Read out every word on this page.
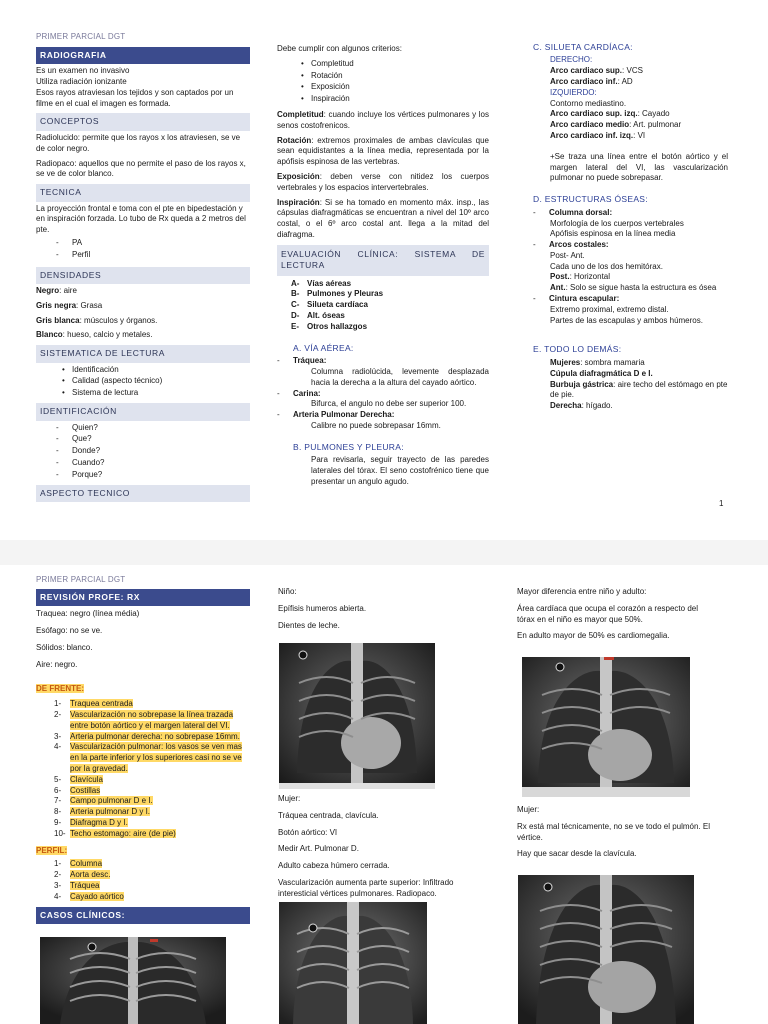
PRIMER PARCIAL DGT
RADIOGRAFIA
Es un examen no invasivo
Utiliza radiación ionizante

Esos rayos atraviesan los tejidos y son captados por un filme en el cual el imagen es formada.

CONCEPTOS

Radiolucido: permite que los rayos x los atraviesen, se ve de color negro.

Radiopaco: aquellos que no permite el paso de los rayos x, se ve de color blanco.

TECNICA

La proyección frontal e toma con el pte en bipedestación y en inspiración forzada. Lo tubo de Rx queda a 2 metros del pte.

- PA
- Perfil
DENSIDADES

Negro: aire

Gris negra: Grasa

Gris blanca: músculos y órganos.

Blanco: hueso, calcio y metales.

SISTEMATICA DE LECTURA
• Identificación
• Calidad (aspecto técnico)
• Sistema de lectura
IDENTIFICACIÓN
- Quien?
- Que?
- Donde?
- Cuando?
- Porque?
ASPECTO TECNICO

Debe cumplir con algunos criterios:

• Completitud
• Rotación
• Exposición
• Inspiración

Completitud: cuando incluye los vértices pulmonares y los senos costofrenicos.

Rotación: extremos proximales de ambas clavículas que sean equidistantes a la línea media, representada por la apófisis espinosa de las vertebras.

Exposición: deben verse con nitidez los cuerpos vertebrales y los espacios intervertebrales.

Inspiración: Si se ha tomado en momento máx. insp., las cápsulas diafragmáticas se encuentran a nivel del 10º arco costal, o el 6º arco costal ant. llega a la mitad del diafragma.

EVALUACIÓN CLÍNICA: SISTEMA DE LECTURA
A- Vías aéreas
B- Pulmones y Pleuras
C- Silueta cardíaca
D- Alt. óseas
E-	Otros hallazgos
A. VÍA AÉREA:
-	Tráquea :
Columna radiolúcida, levemente desplazada hacia la derecha a la altura del cayado aórtico.
-	Carina :
Bifurca, el angulo no debe ser superior 100.
-	Arteria Pulmonar Derecha :
Calibre no puede sobrepasar 16mm.
B. PULMONES Y PLEURA:
Para revisarla, seguir trayecto de las paredes laterales del tórax. El seno costofrénico tiene que presentar un angulo agudo.
C. SILUETA CARDÍACA:
DERECHO:
Arco cardiaco sup.: VCS
Arco cardiaco inf.: AD
IZQUIERDO:
Contorno mediastino.
Arco cardiaco sup. izq.: Cayado
Arco cardiaco medio: Art. pulmonar
Arco cardiaco inf. izq.: VI

+Se traza una línea entre el botón aórtico y el margen lateral del VI, las vascularización pulmonar no puede sobrepasar.

D. ESTRUCTURAS ÓSEAS:
-	Columna dorsal :
Morfología de los cuerpos vertebrales
Apófisis espinosa en la línea media
-	Arcos costales :
Post- Ant.
Cada uno de los dos hemitórax.
Post.: Horizontal
Ant.: Solo se sigue hasta la estructura es ósea
-	Cintura escapular :
Extremo proximal, extremo distal.
Partes de las escapulas y ambos húmeros.
E. TODO LO DEMÁS:
Mujeres: sombra mamaria
Cúpula diafragmática D e I.
Burbuja gástrica: aire techo del estómago en pte de pie.
Derecha: hígado.
1
PRIMER PARCIAL DGT
REVISIÓN PROFE: RX

Traquea: negro (línea média)

Esófago: no se ve.

Sólidos: blanco.

Aire: negro.

DE FRENTE:
1-	Traquea centrada
2-	Vascularización no sobrepase la línea trazada entre botón aórtico y el margen lateral del VI.
3-	Arteria pulmonar derecha: no sobrepase 16mm.
4-	Vascularización pulmonar: los vasos se ven mas en la parte inferior y los superiores casi no se ve por la gravedad.
5-	Clavícula
6-	Costillas
7-	Campo pulmonar D e I.
8-	Arteria pulmonar D y I.
9-	Diafragma D y I.
10- Techo estomago: aire (de pie)
PERFIL:
1-	Columna
2-	Aorta desc.
3-	Tráquea
4-	Cayado aórtico
CASOS CLÍNICOS:

Niño:

Epífisis humeros abierta.

Dientes de leche.

Mujer:

Tráquea centrada, clavícula.

Botón aórtico: VI

Medir Art. Pulmonar D.

Adulto cabeza húmero cerrada.

Vascularización aumenta parte superior: Infiltrado interesticial vértices pulmonares. Radiopaco.

Mayor diferencia entre niño y adulto:

Área cardíaca que ocupa el corazón a respecto del tórax en el niño es mayor que 50%.

En adulto mayor de 50% es cardiomegalia.

Mujer:

Rx está mal técnicamente, no se ve todo el pulmón. El vértice.

Hay que sacar desde la clavícula.
